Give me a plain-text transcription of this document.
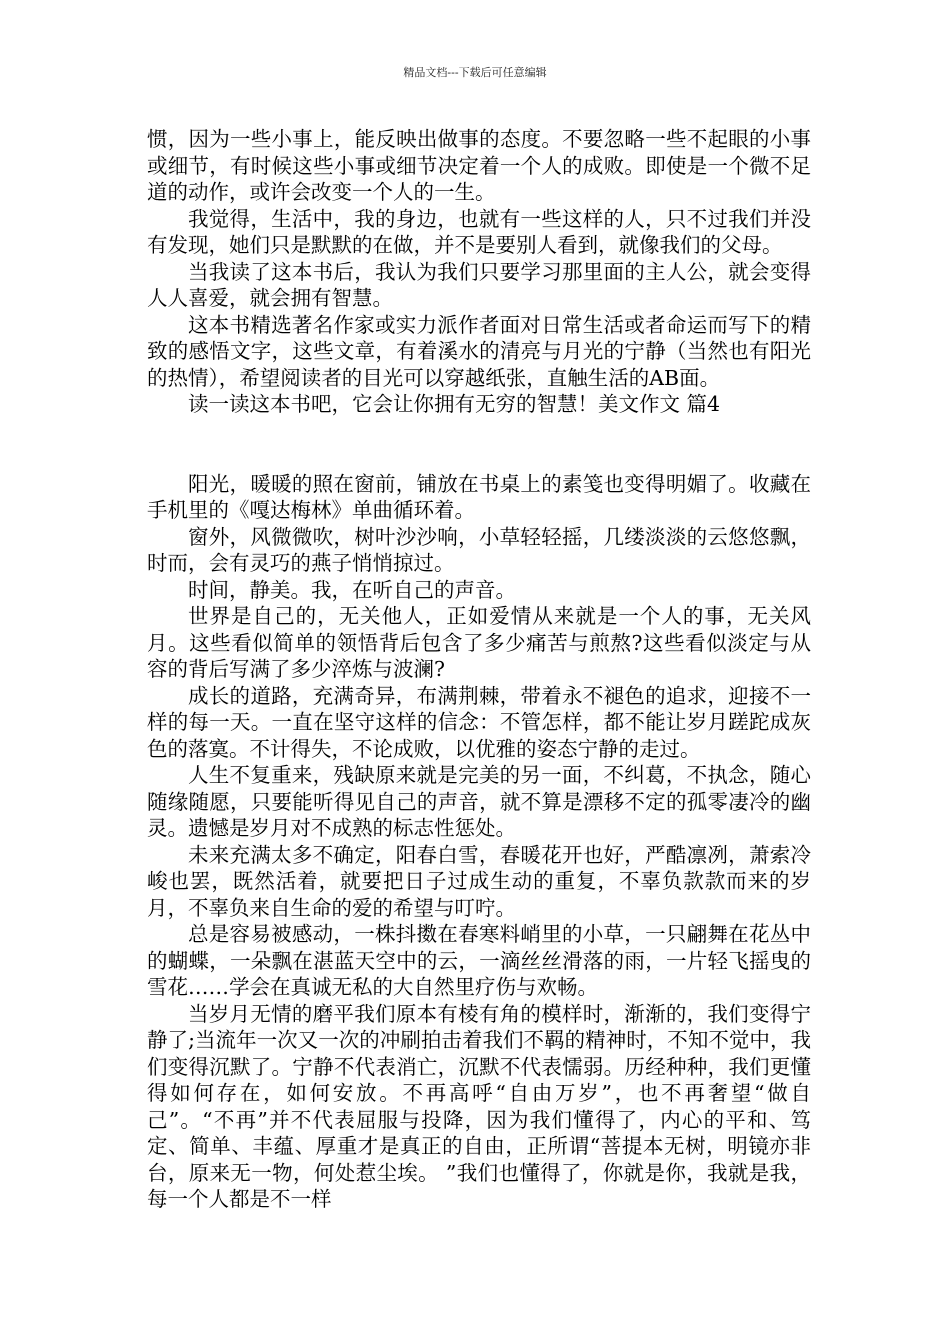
精品文档---下载后可任意编辑

惯，因为一些小事上，能反映出做事的态度。不要忽略一些不起眼的小事或细节，有时候这些小事或细节决定着一个人的成败。即使是一个微不足道的动作，或许会改变一个人的一生。

我觉得，生活中，我的身边，也就有一些这样的人，只不过我们并没有发现，她们只是默默的在做，并不是要别人看到，就像我们的父母。

当我读了这本书后，我认为我们只要学习那里面的主人公，就会变得人人喜爱，就会拥有智慧。

这本书精选著名作家或实力派作者面对日常生活或者命运而写下的精致的感悟文字，这些文章，有着溪水的清亮与月光的宁静（当然也有阳光的热情），希望阅读者的目光可以穿越纸张，直触生活的AB面。

读一读这本书吧，它会让你拥有无穷的智慧！美文作文 篇4

阳光，暖暖的照在窗前，铺放在书桌上的素笺也变得明媚了。收藏在手机里的《嘎达梅林》单曲循环着。

窗外，风微微吹，树叶沙沙响，小草轻轻摇，几缕淡淡的云悠悠飘，时而，会有灵巧的燕子悄悄掠过。

时间，静美。我，在听自己的声音。

世界是自己的，无关他人，正如爱情从来就是一个人的事，无关风月。这些看似简单的领悟背后包含了多少痛苦与煎熬?这些看似淡定与从容的背后写满了多少淬炼与波澜?

成长的道路，充满奇异，布满荆棘，带着永不褪色的追求，迎接不一样的每一天。一直在坚守这样的信念：不管怎样，都不能让岁月蹉跎成灰色的落寞。不计得失，不论成败，以优雅的姿态宁静的走过。

人生不复重来，残缺原来就是完美的另一面，不纠葛，不执念，随心随缘随愿，只要能听得见自己的声音，就不算是漂移不定的孤零凄冷的幽灵。遗憾是岁月对不成熟的标志性惩处。

未来充满太多不确定，阳春白雪，春暖花开也好，严酷凛冽，萧索冷峻也罢，既然活着，就要把日子过成生动的重复，不辜负款款而来的岁月，不辜负来自生命的爱的希望与叮咛。

总是容易被感动，一株抖擞在春寒料峭里的小草，一只翩舞在花丛中的蝴蝶，一朵飘在湛蓝天空中的云，一滴丝丝滑落的雨，一片轻飞摇曳的雪花……学会在真诚无私的大自然里疗伤与欢畅。

当岁月无情的磨平我们原本有棱有角的模样时，渐渐的，我们变得宁静了;当流年一次又一次的冲刷拍击着我们不羁的精神时，不知不觉中，我们变得沉默了。宁静不代表消亡，沉默不代表懦弱。历经种种，我们更懂得如何存在，如何安放。不再高呼“自由万岁”，也不再奢望“做自己”。“不再”并不代表屈服与投降，因为我们懂得了，内心的平和、笃定、简单、丰蕴、厚重才是真正的自由，正所谓“菩提本无树，明镜亦非台，原来无一物，何处惹尘埃。 ”我们也懂得了，你就是你，我就是我，每一个人都是不一样
